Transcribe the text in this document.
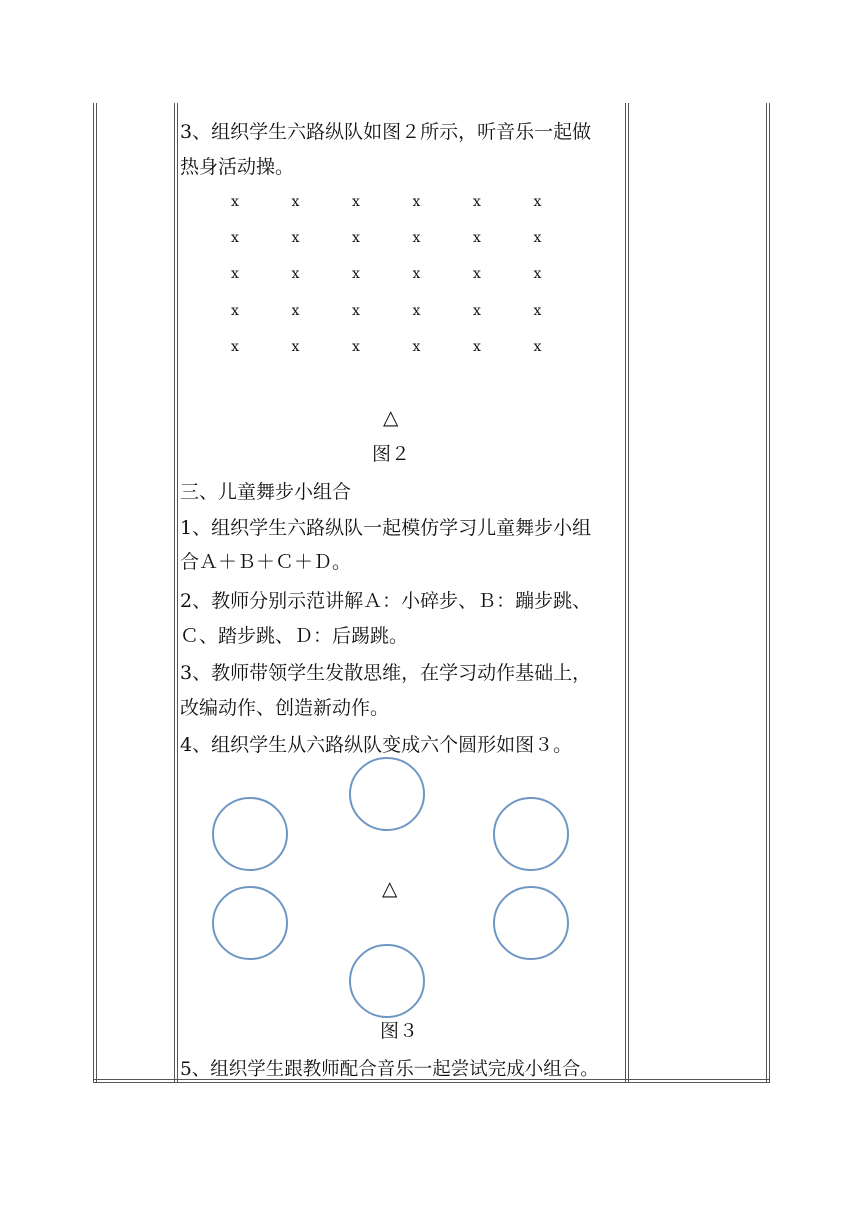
3、组织学生六路纵队如图２所示，听音乐一起做
热身活动操。
x	x	x	x	x	x
x	x	x	x	x	x
x	x	x	x	x	x
x	x	x	x	x	x
x	x	x	x	x	x
△
图２
三、儿童舞步小组合
1、组织学生六路纵队一起模仿学习儿童舞步小组
合Ａ＋Ｂ＋Ｃ＋Ｄ。
2、教师分别示范讲解Ａ：小碎步、Ｂ：蹦步跳、
Ｃ、踏步跳、Ｄ：后踢跳。
3、教师带领学生发散思维，在学习动作基础上，
改编动作、创造新动作。
4、组织学生从六路纵队变成六个圆形如图３。
△
图３
5、组织学生跟教师配合音乐一起尝试完成小组合。
